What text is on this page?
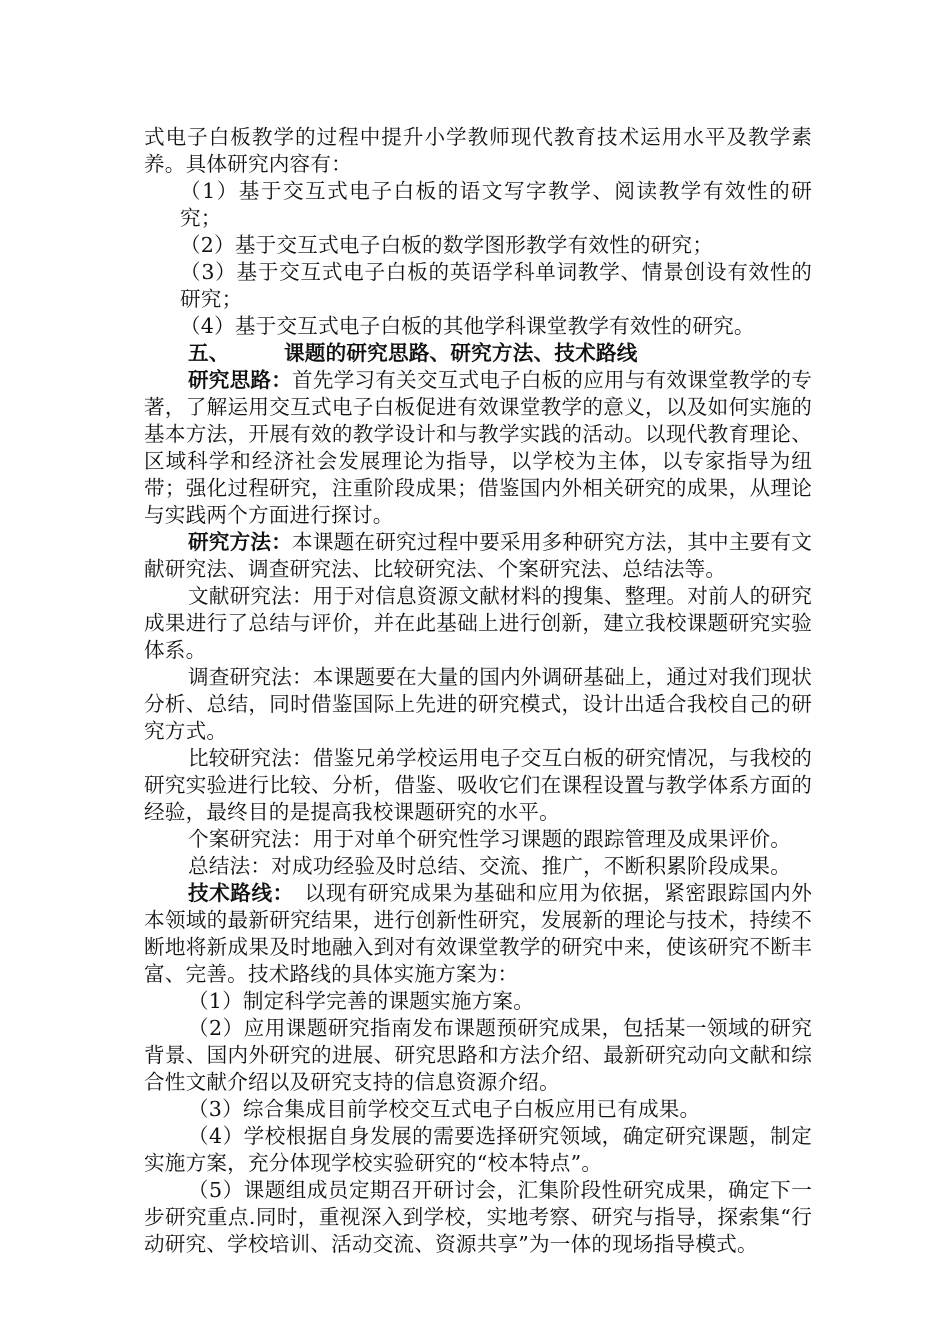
式电子白板教学的过程中提升小学教师现代教育技术运用水平及教学素养。具体研究内容有：

（1）基于交互式电子白板的语文写字教学、阅读教学有效性的研究；

（2）基于交互式电子白板的数学图形教学有效性的研究；

（3）基于交互式电子白板的英语学科单词教学、情景创设有效性的研究；

（4）基于交互式电子白板的其他学科课堂教学有效性的研究。

五、	课题的研究思路、研究方法、技术路线

研究思路：首先学习有关交互式电子白板的应用与有效课堂教学的专著，了解运用交互式电子白板促进有效课堂教学的意义，以及如何实施的基本方法，开展有效的教学设计和与教学实践的活动。以现代教育理论、区域科学和经济社会发展理论为指导，以学校为主体，以专家指导为纽带；强化过程研究，注重阶段成果；借鉴国内外相关研究的成果，从理论与实践两个方面进行探讨。

研究方法：本课题在研究过程中要采用多种研究方法，其中主要有文献研究法、调查研究法、比较研究法、个案研究法、总结法等。

文献研究法：用于对信息资源文献材料的搜集、整理。对前人的研究成果进行了总结与评价，并在此基础上进行创新，建立我校课题研究实验体系。

调查研究法：本课题要在大量的国内外调研基础上，通过对我们现状分析、总结，同时借鉴国际上先进的研究模式，设计出适合我校自己的研究方式。

比较研究法：借鉴兄弟学校运用电子交互白板的研究情况，与我校的研究实验进行比较、分析，借鉴、吸收它们在课程设置与教学体系方面的经验，最终目的是提高我校课题研究的水平。

个案研究法：用于对单个研究性学习课题的跟踪管理及成果评价。

总结法：对成功经验及时总结、交流、推广，不断积累阶段成果。

技术路线：　以现有研究成果为基础和应用为依据，紧密跟踪国内外本领域的最新研究结果，进行创新性研究，发展新的理论与技术，持续不断地将新成果及时地融入到对有效课堂教学的研究中来，使该研究不断丰富、完善。技术路线的具体实施方案为：

（1）制定科学完善的课题实施方案。

（2）应用课题研究指南发布课题预研究成果，包括某一领域的研究背景、国内外研究的进展、研究思路和方法介绍、最新研究动向文献和综合性文献介绍以及研究支持的信息资源介绍。

（3）综合集成目前学校交互式电子白板应用已有成果。

（4）学校根据自身发展的需要选择研究领域，确定研究课题，制定实施方案，充分体现学校实验研究的“校本特点”。

（5）课题组成员定期召开研讨会，汇集阶段性研究成果，确定下一步研究重点.同时，重视深入到学校，实地考察、研究与指导，探索集“行动研究、学校培训、活动交流、资源共享”为一体的现场指导模式。
